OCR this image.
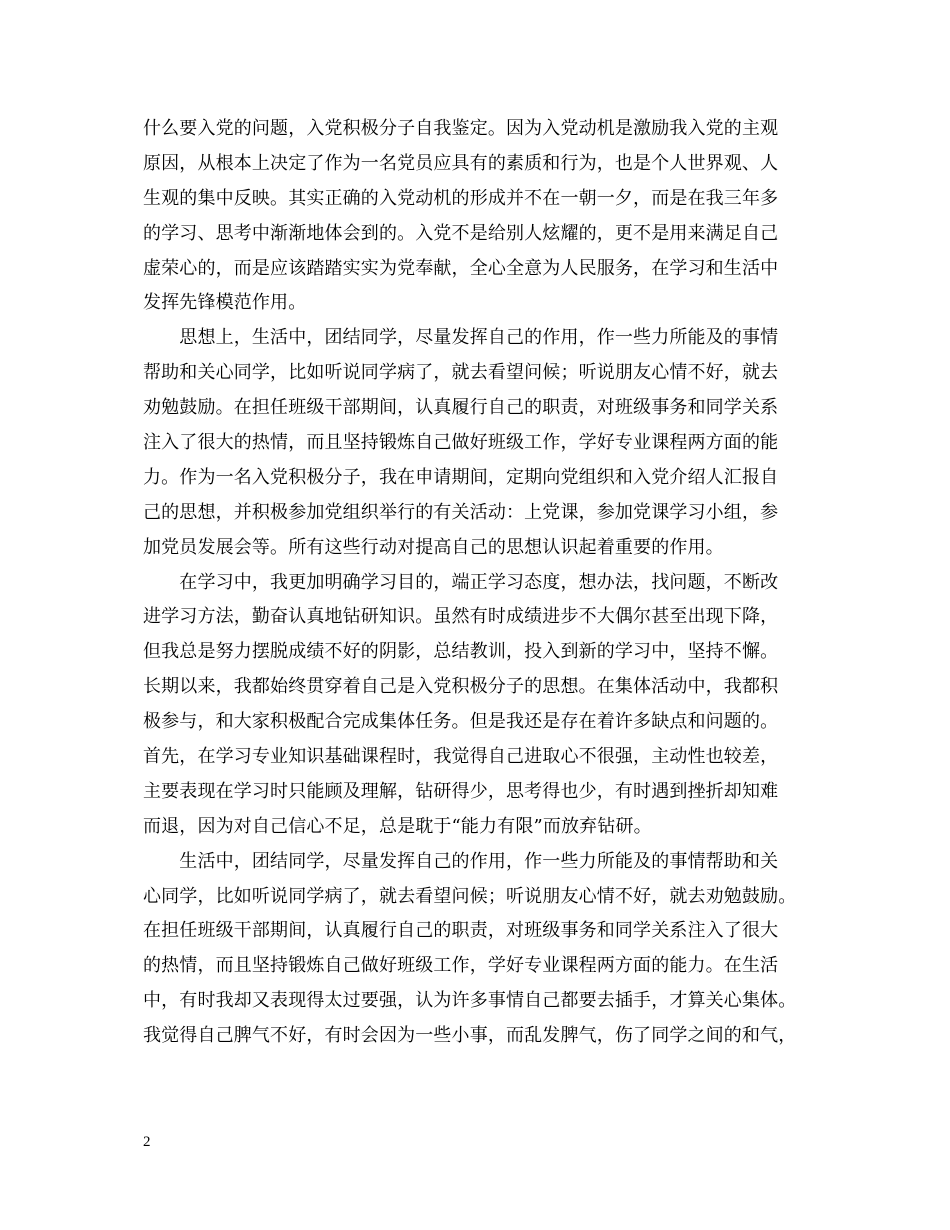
什么要入党的问题，入党积极分子自我鉴定。因为入党动机是激励我入党的主观
原因，从根本上决定了作为一名党员应具有的素质和行为，也是个人世界观、人
生观的集中反映。其实正确的入党动机的形成并不在一朝一夕，而是在我三年多
的学习、思考中渐渐地体会到的。入党不是给别人炫耀的，更不是用来满足自己
虚荣心的，而是应该踏踏实实为党奉献，全心全意为人民服务，在学习和生活中
发挥先锋模范作用。
　　思想上，生活中，团结同学，尽量发挥自己的作用，作一些力所能及的事情
帮助和关心同学，比如听说同学病了，就去看望问候；听说朋友心情不好，就去
劝勉鼓励。在担任班级干部期间，认真履行自己的职责，对班级事务和同学关系
注入了很大的热情，而且坚持锻炼自己做好班级工作，学好专业课程两方面的能
力。作为一名入党积极分子，我在申请期间，定期向党组织和入党介绍人汇报自
己的思想，并积极参加党组织举行的有关活动：上党课，参加党课学习小组，参
加党员发展会等。所有这些行动对提高自己的思想认识起着重要的作用。
　　在学习中，我更加明确学习目的，端正学习态度，想办法，找问题，不断改
进学习方法，勤奋认真地钻研知识。虽然有时成绩进步不大偶尔甚至出现下降，
但我总是努力摆脱成绩不好的阴影，总结教训，投入到新的学习中，坚持不懈。
长期以来，我都始终贯穿着自己是入党积极分子的思想。在集体活动中，我都积
极参与，和大家积极配合完成集体任务。但是我还是存在着许多缺点和问题的。
首先，在学习专业知识基础课程时，我觉得自己进取心不很强，主动性也较差，
主要表现在学习时只能顾及理解，钻研得少，思考得也少，有时遇到挫折却知难
而退，因为对自己信心不足，总是耽于“能力有限”而放弃钻研。
　　生活中，团结同学，尽量发挥自己的作用，作一些力所能及的事情帮助和关
心同学，比如听说同学病了，就去看望问候；听说朋友心情不好，就去劝勉鼓励。
在担任班级干部期间，认真履行自己的职责，对班级事务和同学关系注入了很大
的热情，而且坚持锻炼自己做好班级工作，学好专业课程两方面的能力。在生活
中，有时我却又表现得太过要强，认为许多事情自己都要去插手，才算关心集体。
我觉得自己脾气不好，有时会因为一些小事，而乱发脾气，伤了同学之间的和气，
2
